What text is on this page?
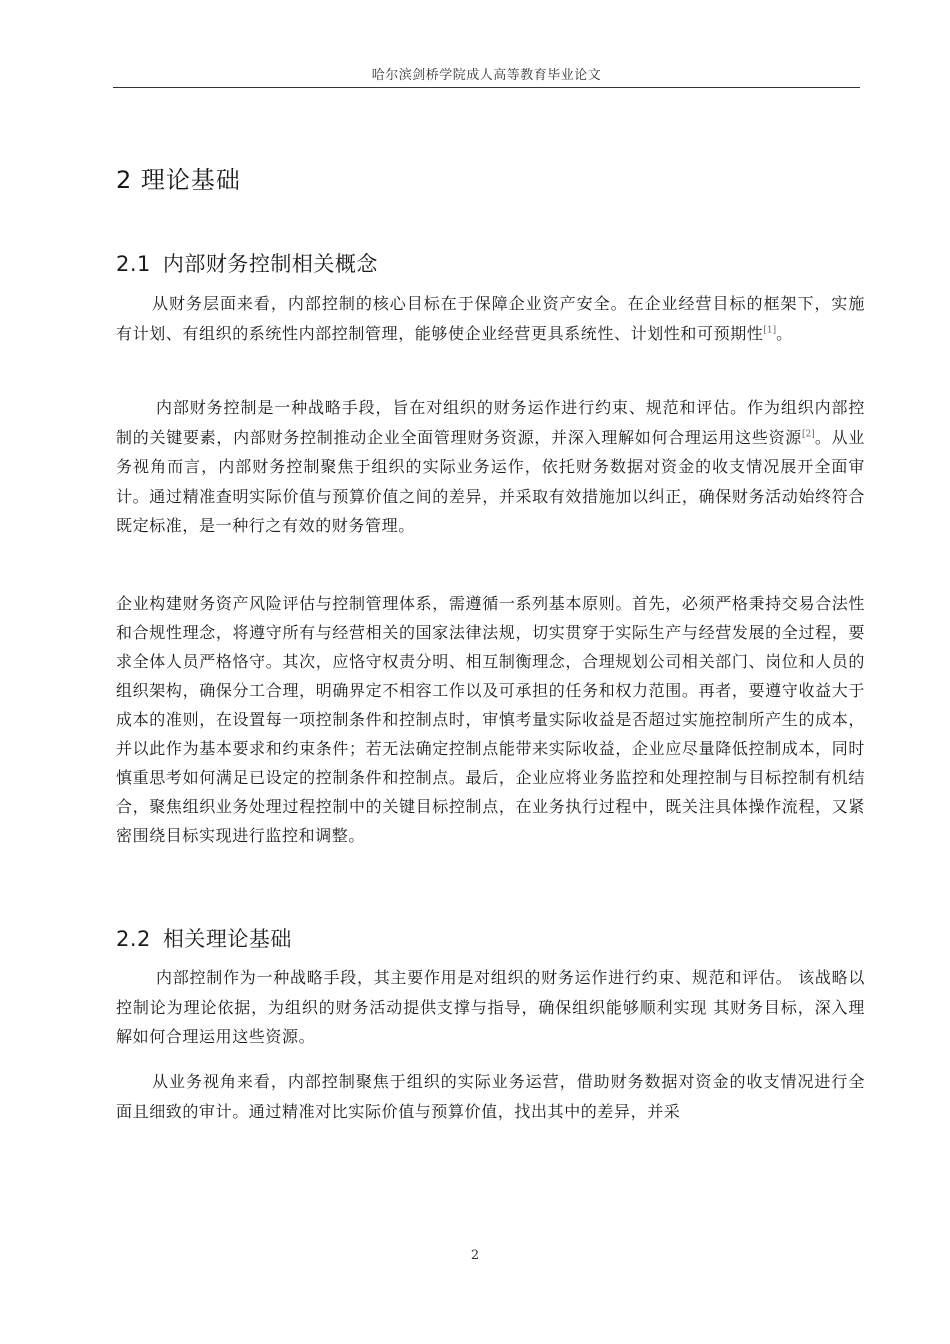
哈尔滨剑桥学院成人高等教育毕业论文
2 理论基础
2.1 内部财务控制相关概念

从财务层面来看，内部控制的核心目标在于保障企业资产安全。在企业经营目标的框架下，实施有计划、有组织的系统性内部控制管理，能够使企业经营更具系统性、计划性和可预期性[1]。

内部财务控制是一种战略手段，旨在对组织的财务运作进行约束、规范和评估。作为组织内部控制的关键要素，内部财务控制推动企业全面管理财务资源，并深入理解如何合理运用这些资源[2]。从业务视角而言，内部财务控制聚焦于组织的实际业务运作，依托财务数据对资金的收支情况展开全面审计。通过精准查明实际价值与预算价值之间的差异，并采取有效措施加以纠正，确保财务活动始终符合既定标准，是一种行之有效的财务管理。

企业构建财务资产风险评估与控制管理体系，需遵循一系列基本原则。首先，必须严格秉持交易合法性和合规性理念，将遵守所有与经营相关的国家法律法规，切实贯穿于实际生产与经营发展的全过程，要求全体人员严格恪守。其次，应恪守权责分明、相互制衡理念，合理规划公司相关部门、岗位和人员的组织架构，确保分工合理，明确界定不相容工作以及可承担的任务和权力范围。再者，要遵守收益大于成本的准则，在设置每一项控制条件和控制点时，审慎考量实际收益是否超过实施控制所产生的成本，并以此作为基本要求和约束条件；若无法确定控制点能带来实际收益，企业应尽量降低控制成本，同时慎重思考如何满足已设定的控制条件和控制点。最后，企业应将业务监控和处理控制与目标控制有机结合，聚焦组织业务处理过程控制中的关键目标控制点，在业务执行过程中，既关注具体操作流程，又紧密围绕目标实现进行监控和调整。

2.2 相关理论基础

内部控制作为一种战略手段，其主要作用是对组织的财务运作进行约束、规范和评估。 该战略以控制论为理论依据，为组织的财务活动提供支撑与指导，确保组织能够顺利实现 其财务目标，深入理解如何合理运用这些资源。

从业务视角来看，内部控制聚焦于组织的实际业务运营，借助财务数据对资金的收支情况进行全面且细致的审计。通过精准对比实际价值与预算价值，找出其中的差异，并采

2
